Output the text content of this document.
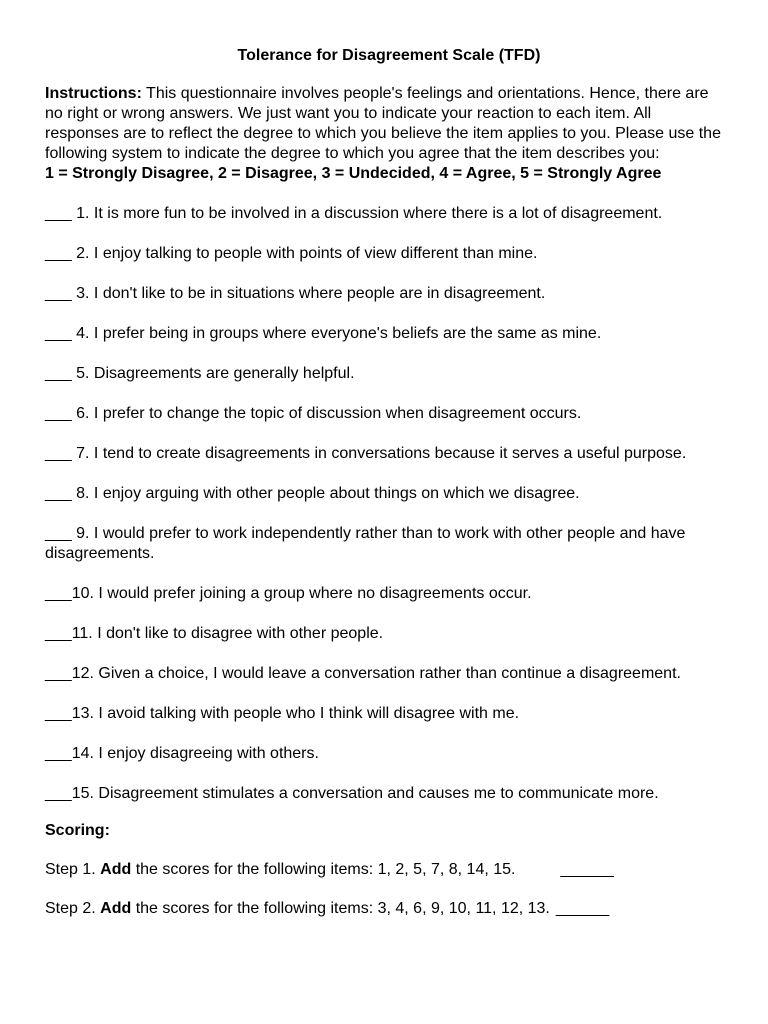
Tolerance for Disagreement Scale (TFD)

Instructions: This questionnaire involves people's feelings and orientations. Hence, there are no right or wrong answers. We just want you to indicate your reaction to each item. All responses are to reflect the degree to which you believe the item applies to you. Please use the following system to indicate the degree to which you agree that the item describes you:

1 = Strongly Disagree, 2 = Disagree, 3 = Undecided, 4 = Agree, 5 = Strongly Agree

___ 1. It is more fun to be involved in a discussion where there is a lot of disagreement.
___ 2. I enjoy talking to people with points of view different than mine.
___ 3. I don't like to be in situations where people are in disagreement.
___ 4. I prefer being in groups where everyone's beliefs are the same as mine.
___ 5. Disagreements are generally helpful.
___ 6. I prefer to change the topic of discussion when disagreement occurs.
___ 7. I tend to create disagreements in conversations because it serves a useful purpose.
___ 8. I enjoy arguing with other people about things on which we disagree.
___ 9. I would prefer to work independently rather than to work with other people and have disagreements.
___10. I would prefer joining a group where no disagreements occur.
___11. I don't like to disagree with other people.
___12. Given a choice, I would leave a conversation rather than continue a disagreement.
___13. I avoid talking with people who I think will disagree with me.
___14. I enjoy disagreeing with others.
___15. Disagreement stimulates a conversation and causes me to communicate more.
Scoring:
Step 1. Add the scores for the following items: 1, 2, 5, 7, 8, 14, 15.	______
Step 2. Add the scores for the following items: 3, 4, 6, 9, 10, 11, 12, 13. ______
